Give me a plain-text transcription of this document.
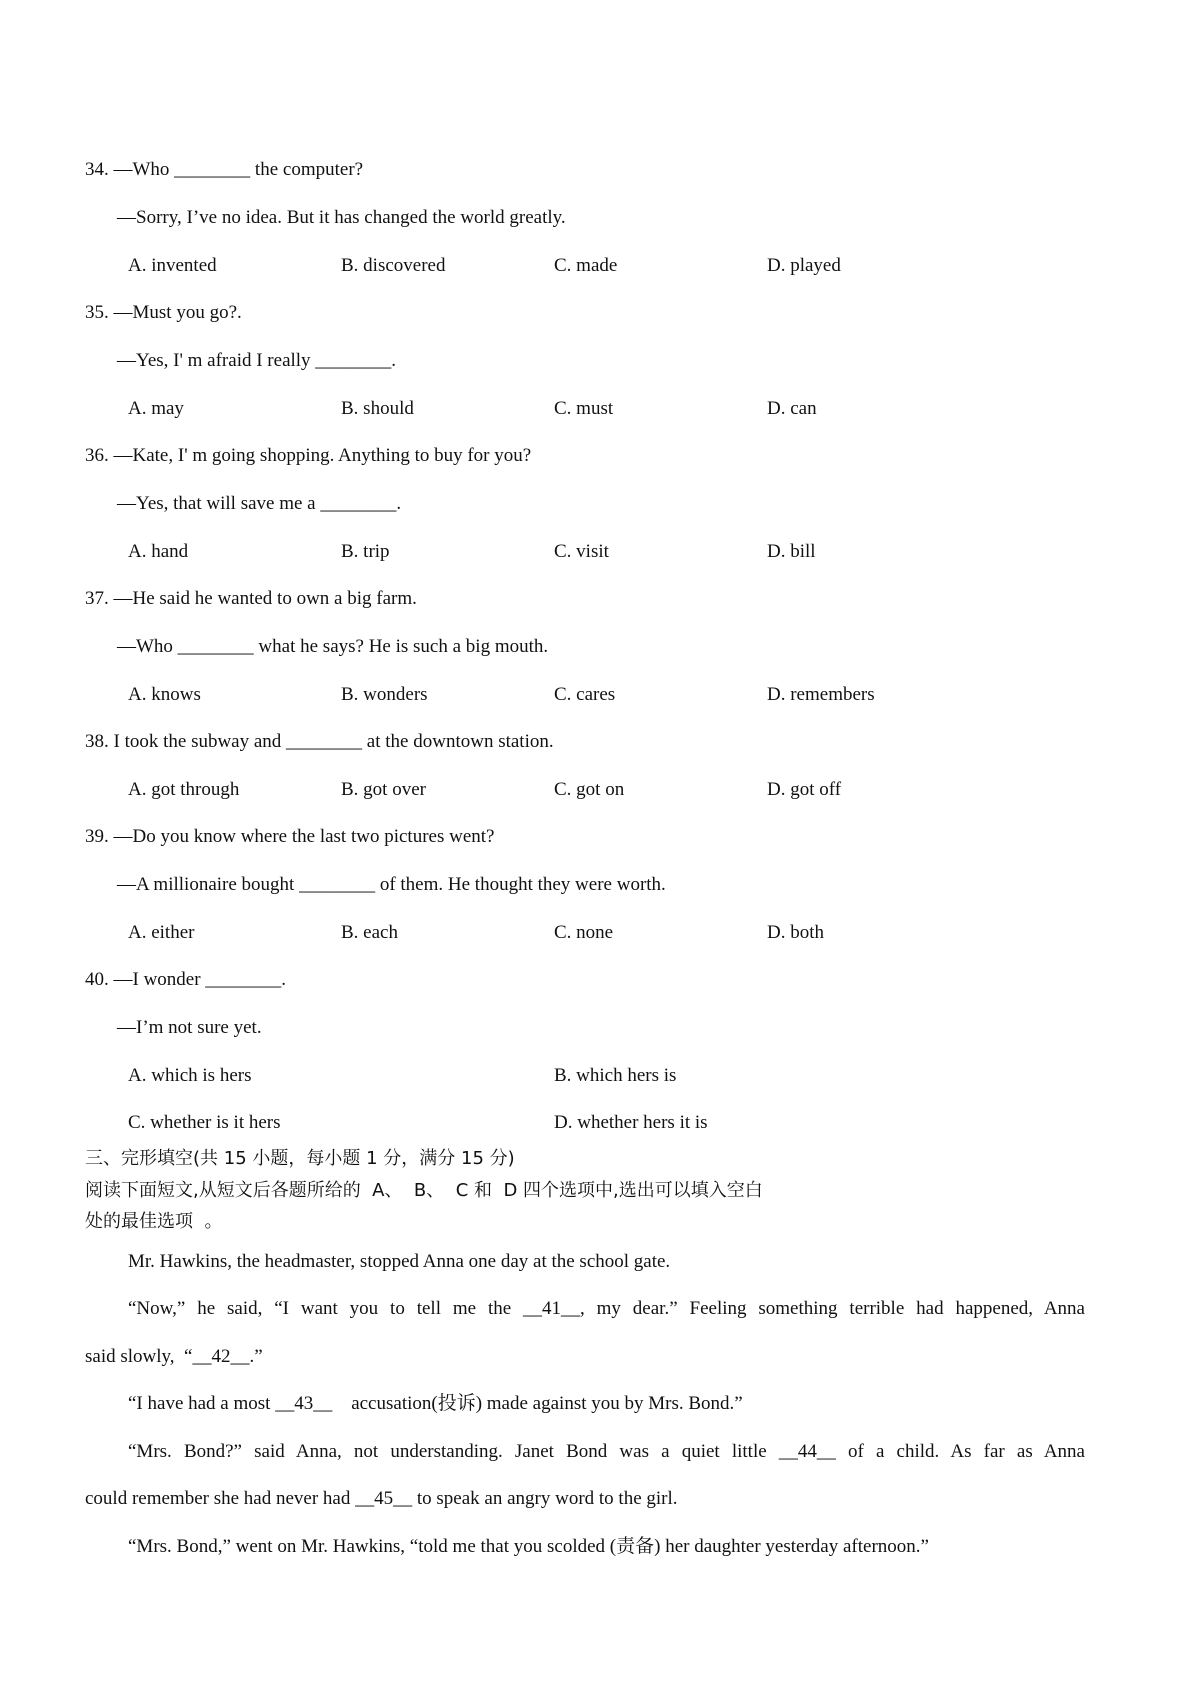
34. —Who ________ the computer?
—Sorry, I’ve no idea. But it has changed the world greatly.
A. invented	B. discovered	C. made	D. played
35. —Must you go?.
—Yes, I' m afraid I really ________.
A. may	B. should	C. must	D. can
36. —Kate, I' m going shopping. Anything to buy for you?
—Yes, that will save me a ________.
A. hand	B. trip	C. visit	D. bill
37. —He said he wanted to own a big farm.
—Who ________ what he says? He is such a big mouth.
A. knows	B. wonders	C. cares	D. remembers
38. I took the subway and ________ at the downtown station.
A. got through	B. got over	C. got on	D. got off
39. —Do you know where the last two pictures went?
—A millionaire bought ________ of them. He thought they were worth.
A. either	B. each	C. none	D. both
40. —I wonder ________.
—I’m not sure yet.
A. which is hers	B. which hers is
C. whether is it hers	D. whether hers it is
三、完形填空(共 15 小题，每小题 1 分，满分 15 分)
阅读下面短文,从短文后各题所给的  A、  B、  C 和  D 四个选项中,选出可以填入空白
处的最佳选项  。
Mr. Hawkins, the headmaster, stopped Anna one day at the school gate.
“Now,” he said, “I want you to tell me the __41__, my dear.” Feeling something terrible had happened, Anna
said slowly,  “__42__.”
“I have had a most __43__    accusation(投诉) made against you by Mrs. Bond.”
“Mrs. Bond?” said Anna, not understanding. Janet Bond was a quiet little __44__ of a child. As far as Anna
could remember she had never had __45__ to speak an angry word to the girl.
“Mrs. Bond,” went on Mr. Hawkins, “told me that you scolded (责备) her daughter yesterday afternoon.”
